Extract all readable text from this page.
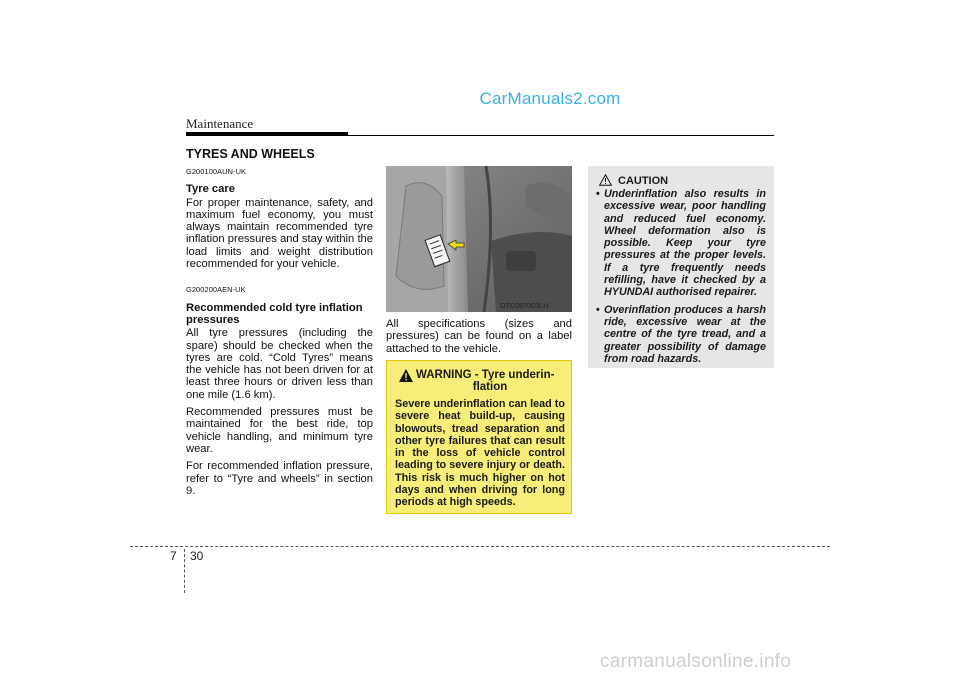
CarManuals2.com
Maintenance
TYRES AND WHEELS
G200100AUN-UK
Tyre care

For proper maintenance, safety, and maximum fuel economy, you must always maintain recommended tyre inflation pressures and stay within the load limits and weight distribution recommended for your vehicle.

G200200AEN-UK
Recommended cold tyre inflation pressures

All tyre pressures (including the spare) should be checked when the tyres are cold. “Cold Tyres” means the vehicle has not been driven for at least three hours or driven less than one mile (1.6 km).

Recommended pressures must be maintained for the best ride, top vehicle handling, and minimum tyre wear.

For recommended inflation pressure, refer to “Tyre and wheels” in section 9.

OTC087003LH

All specifications (sizes and pressures) can be found on a label attached to the vehicle.

WARNING - Tyre underin-
flation
Severe underinflation can lead to severe heat build-up, causing blowouts, tread separation and other tyre failures that can result in the loss of vehicle control leading to severe injury or death. This risk is much higher on hot days and when driving for long periods at high speeds.
CAUTION
• Underinflation also results in excessive wear, poor handling and reduced fuel economy. Wheel deformation also is possible. Keep your tyre pressures at the proper levels. If a tyre frequently needs refilling, have it checked by a HYUNDAI authorised repairer.
• Overinflation produces a harsh ride, excessive wear at the centre of the tyre tread, and a greater possibility of damage from road hazards.
7 30
carmanualsonline.info
